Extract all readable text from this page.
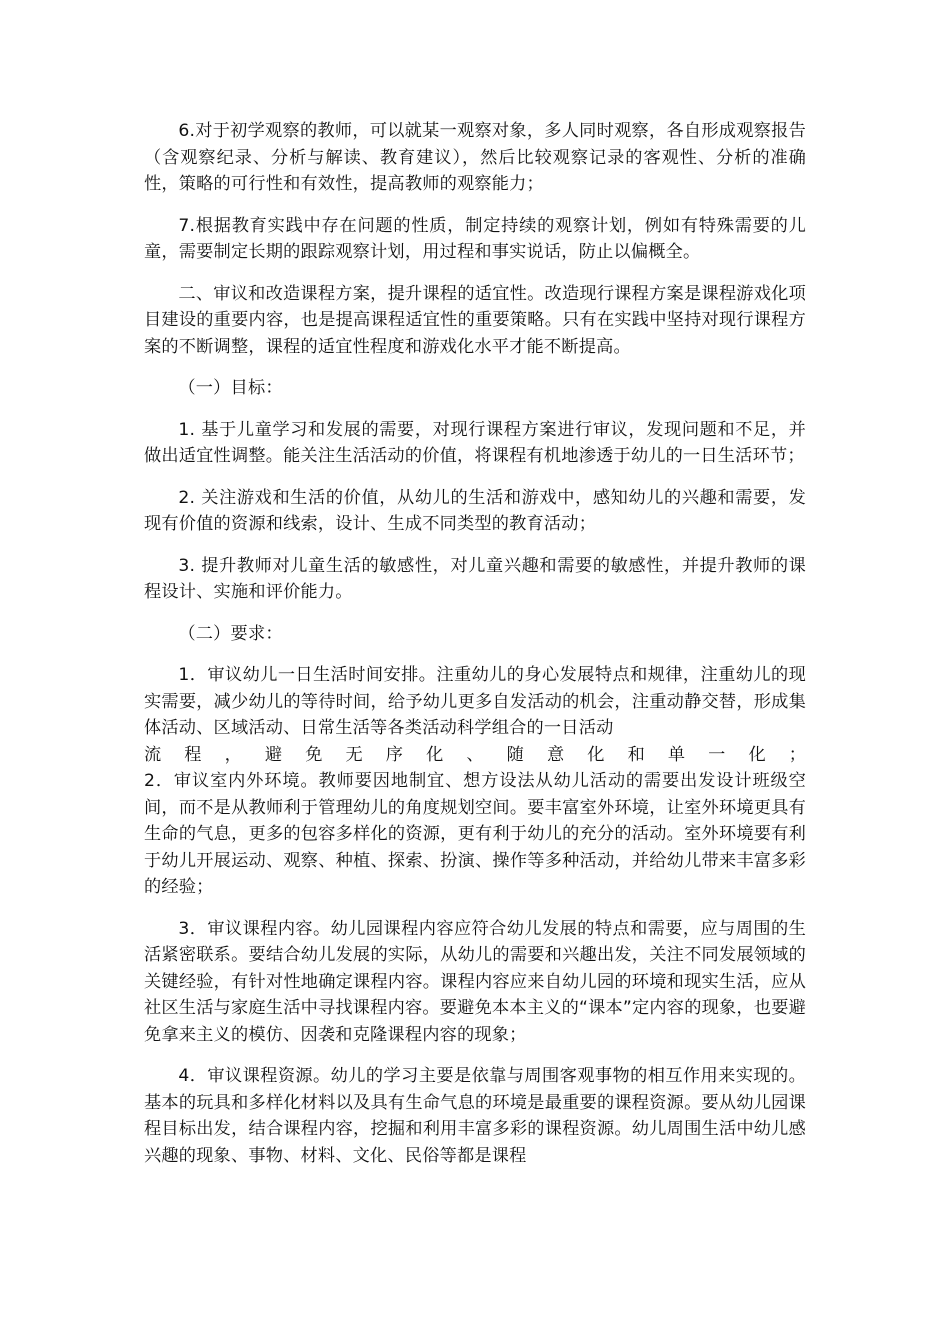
6.对于初学观察的教师，可以就某一观察对象，多人同时观察，各自形成观察报告（含观察纪录、分析与解读、教育建议），然后比较观察记录的客观性、分析的准确性，策略的可行性和有效性，提高教师的观察能力；

7.根据教育实践中存在问题的性质，制定持续的观察计划，例如有特殊需要的儿童，需要制定长期的跟踪观察计划，用过程和事实说话，防止以偏概全。

二、审议和改造课程方案，提升课程的适宜性。改造现行课程方案是课程游戏化项目建设的重要内容，也是提高课程适宜性的重要策略。只有在实践中坚持对现行课程方案的不断调整，课程的适宜性程度和游戏化水平才能不断提高。

（一）目标：

1. 基于儿童学习和发展的需要，对现行课程方案进行审议，发现问题和不足，并做出适宜性调整。能关注生活活动的价值，将课程有机地渗透于幼儿的一日生活环节；

2. 关注游戏和生活的价值，从幼儿的生活和游戏中，感知幼儿的兴趣和需要，发现有价值的资源和线索，设计、生成不同类型的教育活动；

3. 提升教师对儿童生活的敏感性，对儿童兴趣和需要的敏感性，并提升教师的课程设计、实施和评价能力。

（二）要求：

1．审议幼儿一日生活时间安排。注重幼儿的身心发展特点和规律，注重幼儿的现实需要，减少幼儿的等待时间，给予幼儿更多自发活动的机会，注重动静交替，形成集体活动、区域活动、日常生活等各类活动科学组合的一日活动

流 程 ， 避 免 无 序 化 、 随 意 化 和 单 一 化 ；

2．审议室内外环境。教师要因地制宜、想方设法从幼儿活动的需要出发设计班级空间，而不是从教师利于管理幼儿的角度规划空间。要丰富室外环境，让室外环境更具有生命的气息，更多的包容多样化的资源，更有利于幼儿的充分的活动。室外环境要有利于幼儿开展运动、观察、种植、探索、扮演、操作等多种活动，并给幼儿带来丰富多彩的经验；

3．审议课程内容。幼儿园课程内容应符合幼儿发展的特点和需要，应与周围的生活紧密联系。要结合幼儿发展的实际，从幼儿的需要和兴趣出发，关注不同发展领域的关键经验，有针对性地确定课程内容。课程内容应来自幼儿园的环境和现实生活，应从社区生活与家庭生活中寻找课程内容。要避免本本主义的“课本”定内容的现象，也要避免拿来主义的模仿、因袭和克隆课程内容的现象；

4．审议课程资源。幼儿的学习主要是依靠与周围客观事物的相互作用来实现的。基本的玩具和多样化材料以及具有生命气息的环境是最重要的课程资源。要从幼儿园课程目标出发，结合课程内容，挖掘和利用丰富多彩的课程资源。幼儿周围生活中幼儿感兴趣的现象、事物、材料、文化、民俗等都是课程
